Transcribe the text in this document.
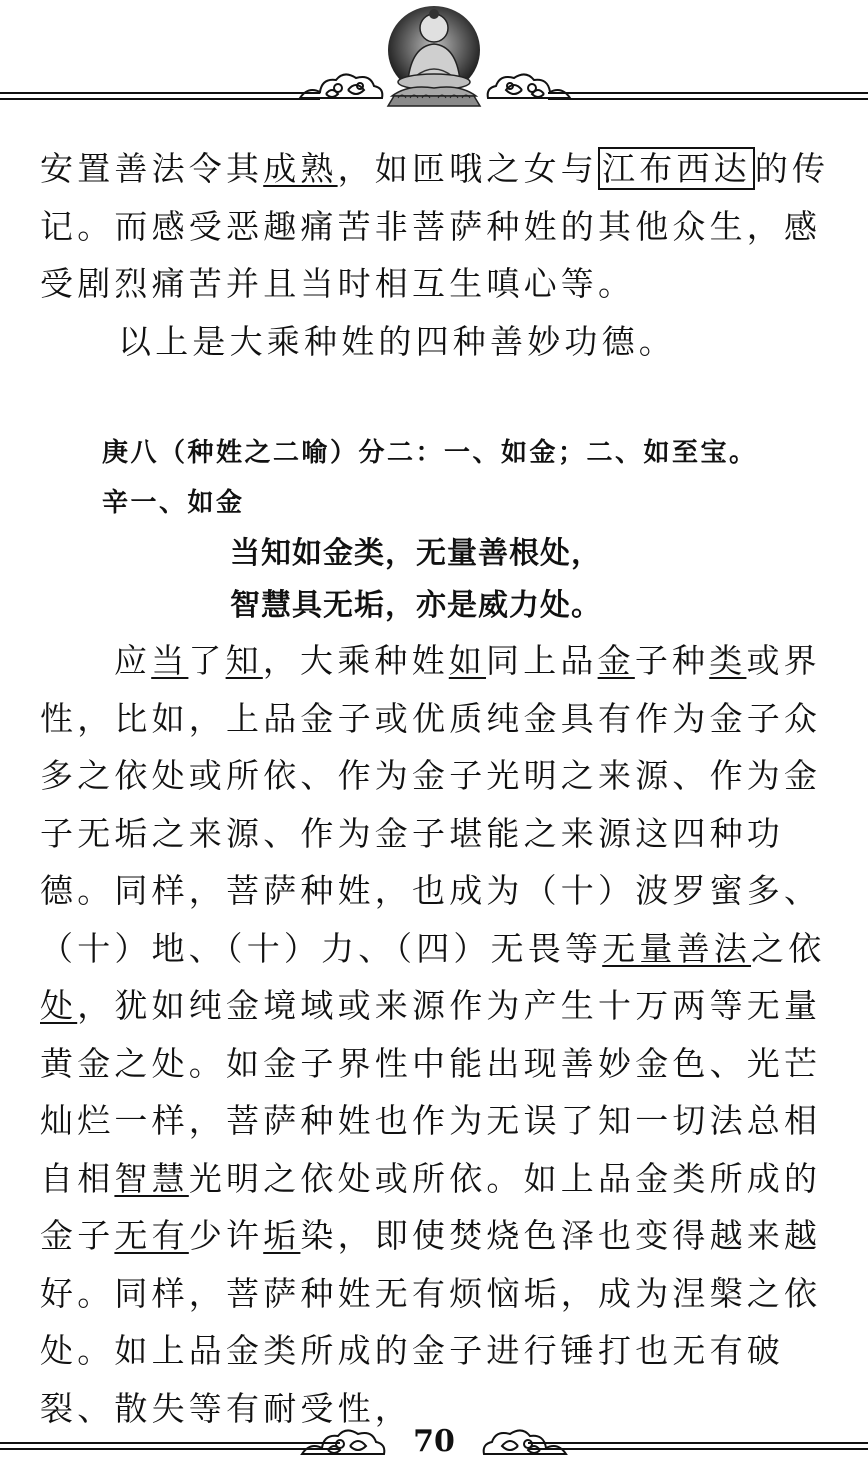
安置善法令其成熟，如匝哦之女与 江布西达 的传记。而感受恶趣痛苦非菩萨种姓的其他众生，感受剧烈痛苦并且当时相互生嗔心等。

以上是大乘种姓的四种善妙功德。

庚八（种姓之二喻）分二：一、如金；二、如至宝。
辛一、如金
当知如金类，无量善根处，
智慧具无垢，亦是威力处。

应当了知，大乘种姓如同上品金子种类或界性，比如，上品金子或优质纯金具有作为金子众多之依处或所依、作为金子光明之来源、作为金子无垢之来源、作为金子堪能之来源这四种功德。同样，菩萨种姓，也成为（十）波罗蜜多、（十）地、（十）力、（四）无畏等无量善法之依处，犹如纯金境域或来源作为产生十万两等无量黄金之处。如金子界性中能出现善妙金色、光芒灿烂一样，菩萨种姓也作为无误了知一切法总相自相智慧光明之依处或所依。如上品金类所成的金子无有少许垢染，即使焚烧色泽也变得越来越好。同样，菩萨种姓无有烦恼垢，成为涅槃之依处。如上品金类所成的金子进行锤打也无有破裂、散失等有耐受性，

70
